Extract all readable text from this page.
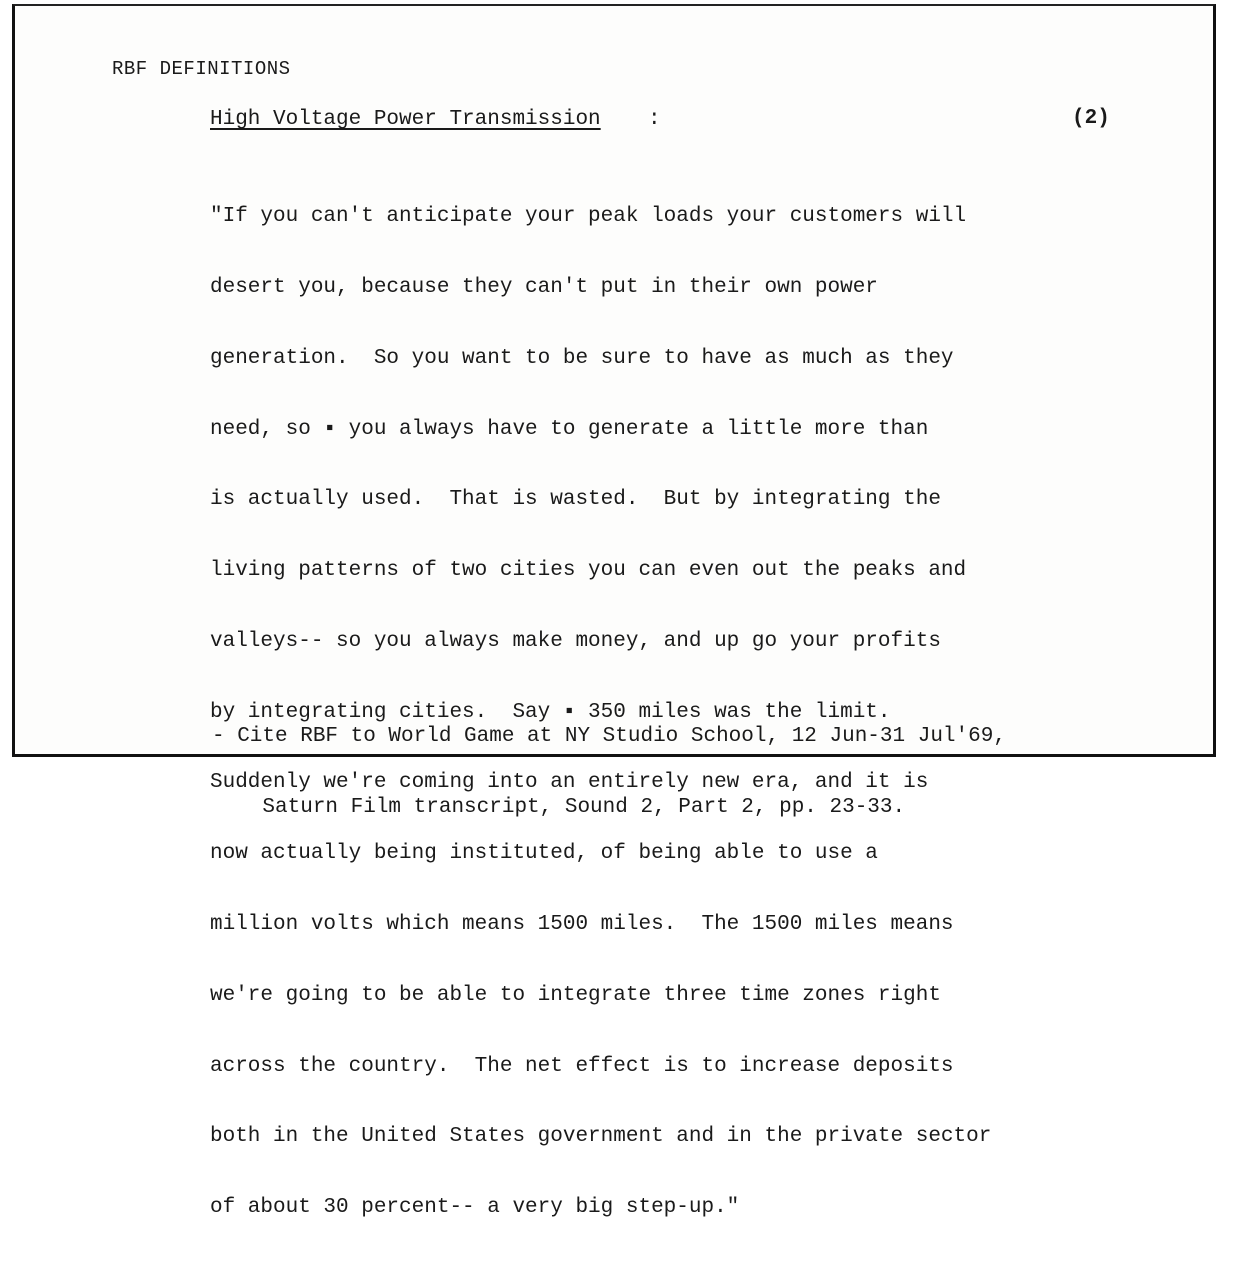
RBF DEFINITIONS
High Voltage Power Transmission :	(2)

"If you can't anticipate your peak loads your customers will

desert you, because they can't put in their own power

generation.  So you want to be sure to have as much as they

need, so ▪ you always have to generate a little more than

is actually used.  That is wasted.  But by integrating the

living patterns of two cities you can even out the peaks and

valleys-- so you always make money, and up go your profits

by integrating cities.  Say ▪ 350 miles was the limit.

Suddenly we're coming into an entirely new era, and it is

now actually being instituted, of being able to use a

million volts which means 1500 miles.  The 1500 miles means

we're going to be able to integrate three time zones right

across the country.  The net effect is to increase deposits

both in the United States government and in the private sector

of about 30 percent-- a very big step-up."

- Cite RBF to World Game at NY Studio School, 12 Jun-31 Jul'69,

Saturn Film transcript, Sound 2, Part 2, pp. 23-33.
